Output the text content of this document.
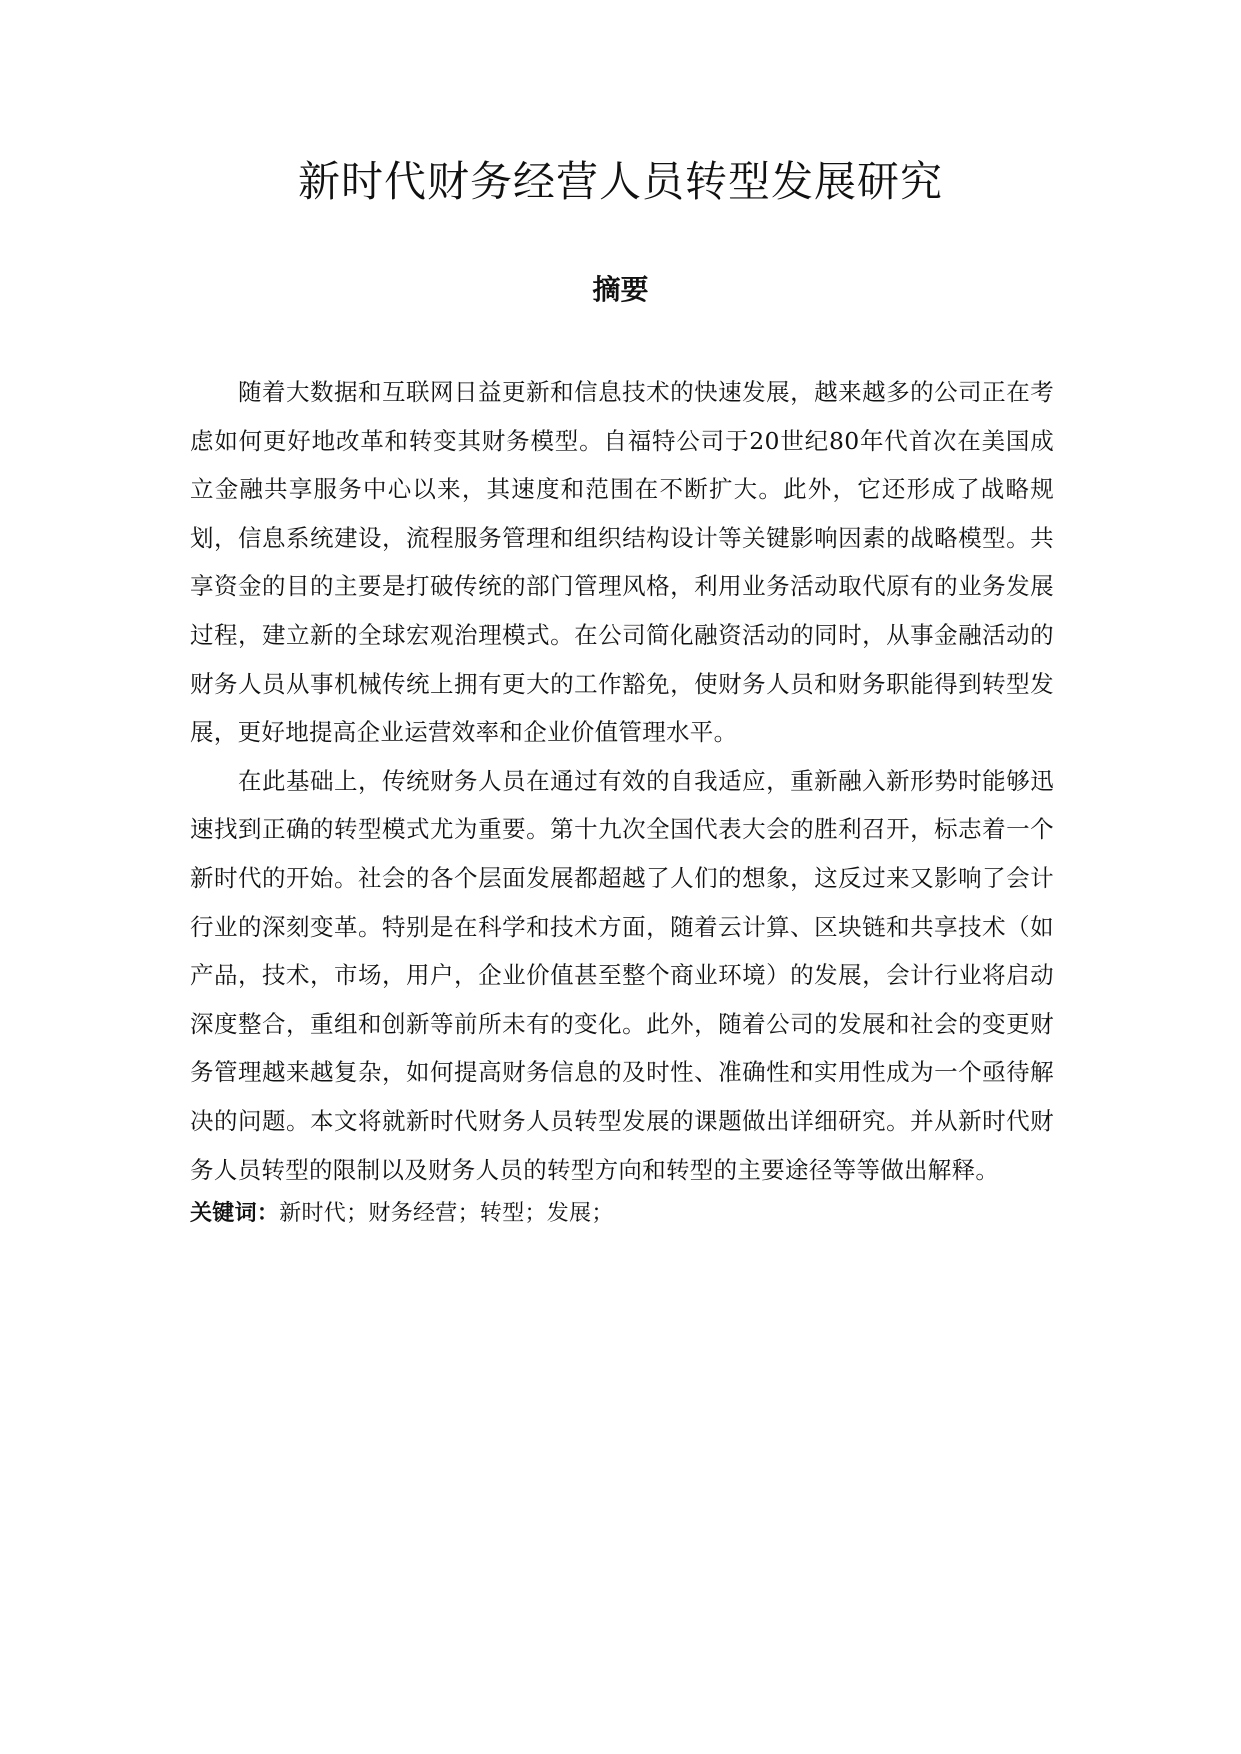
新时代财务经营人员转型发展研究
摘要

随着大数据和互联网日益更新和信息技术的快速发展，越来越多的公司正在考虑如何更好地改革和转变其财务模型。自福特公司于20世纪80年代首次在美国成立金融共享服务中心以来，其速度和范围在不断扩大。此外，它还形成了战略规划，信息系统建设，流程服务管理和组织结构设计等关键影响因素的战略模型。共享资金的目的主要是打破传统的部门管理风格，利用业务活动取代原有的业务发展过程，建立新的全球宏观治理模式。在公司简化融资活动的同时，从事金融活动的财务人员从事机械传统上拥有更大的工作豁免，使财务人员和财务职能得到转型发展，更好地提高企业运营效率和企业价值管理水平。

在此基础上，传统财务人员在通过有效的自我适应，重新融入新形势时能够迅速找到正确的转型模式尤为重要。第十九次全国代表大会的胜利召开，标志着一个新时代的开始。社会的各个层面发展都超越了人们的想象，这反过来又影响了会计行业的深刻变革。特别是在科学和技术方面，随着云计算、区块链和共享技术（如产品，技术，市场，用户，企业价值甚至整个商业环境）的发展，会计行业将启动深度整合，重组和创新等前所未有的变化。此外，随着公司的发展和社会的变更财务管理越来越复杂，如何提高财务信息的及时性、准确性和实用性成为一个亟待解决的问题。本文将就新时代财务人员转型发展的课题做出详细研究。并从新时代财务人员转型的限制以及财务人员的转型方向和转型的主要途径等等做出解释。

关键词：新时代；财务经营；转型；发展；
